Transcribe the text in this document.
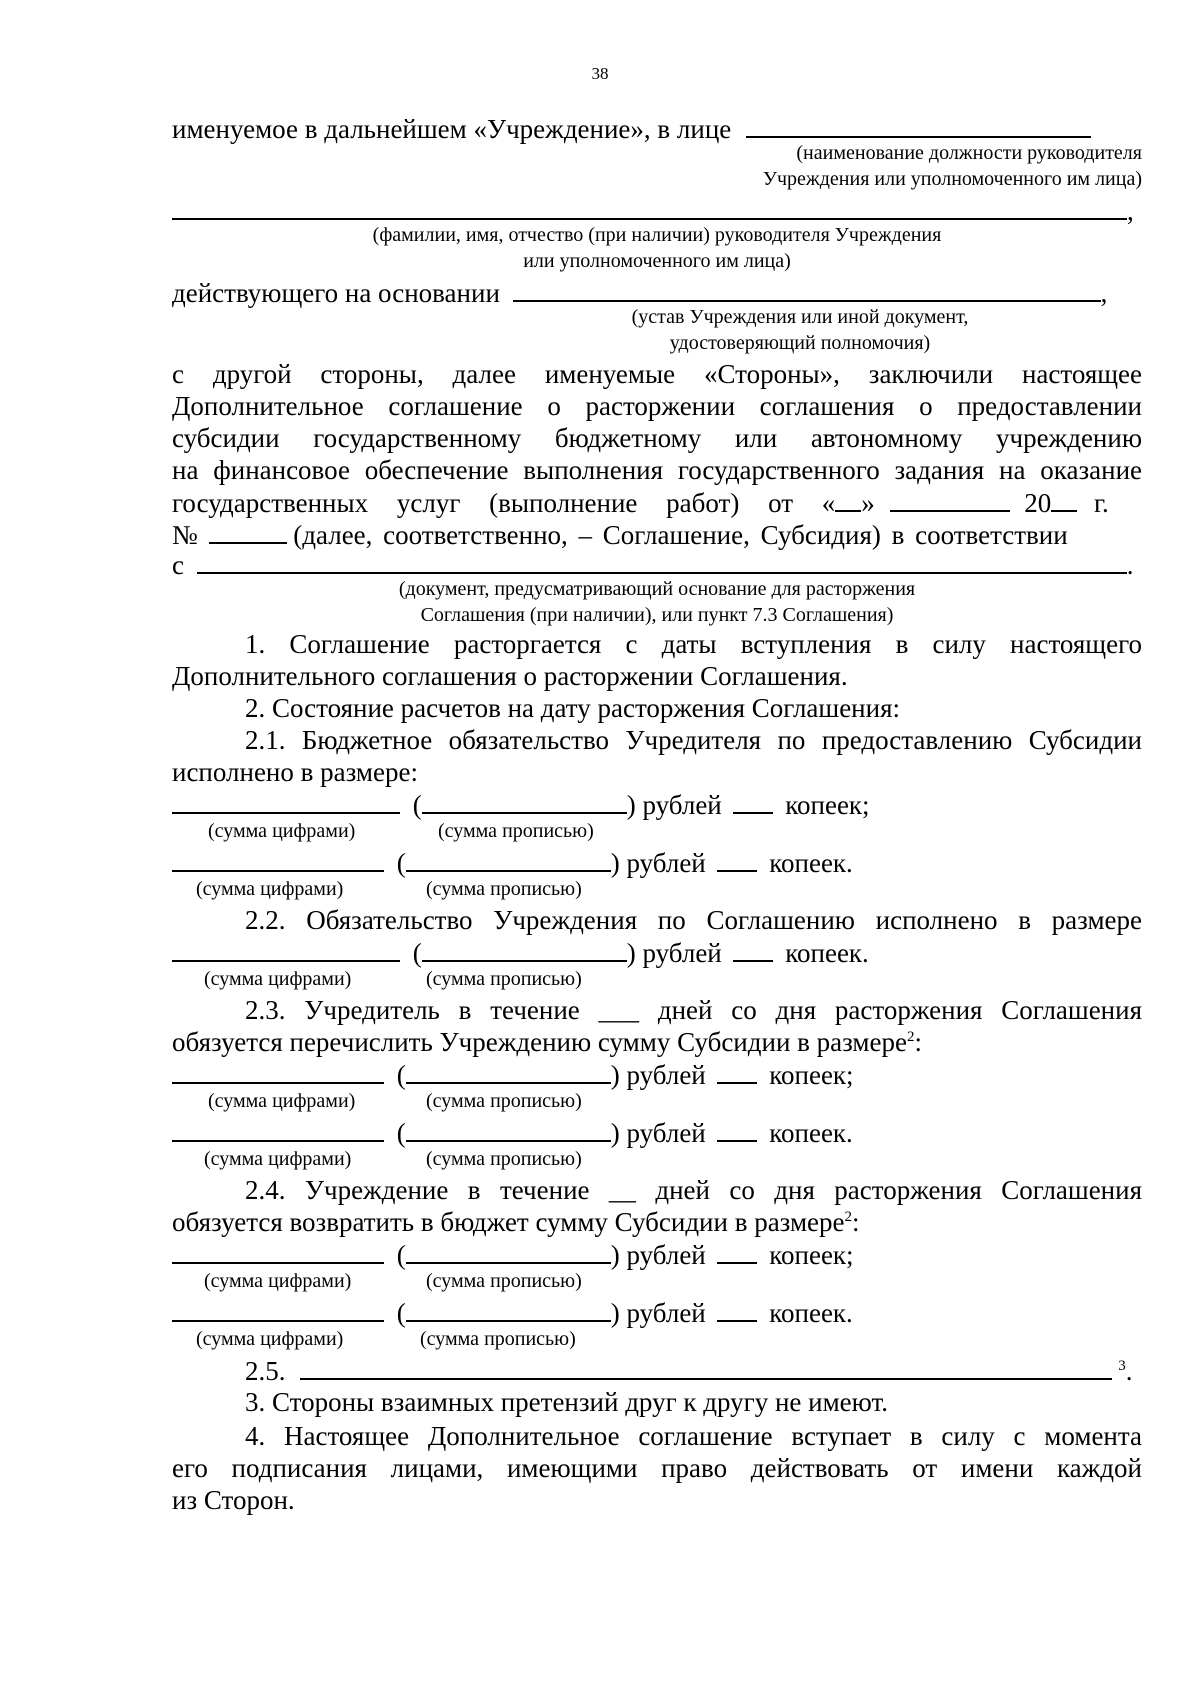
38
именуемое в дальнейшем «Учреждение», в лице
(наименование должности руководителя
Учреждения или уполномоченного им лица)
,
(фамилии, имя, отчество (при наличии) руководителя Учреждения
или уполномоченного им лица)
действующего на основании	,
(устав Учреждения или иной документ,
удостоверяющий полномочия)
с другой стороны, далее именуемые «Стороны», заключили настоящее
Дополнительное соглашение о расторжении соглашения о предоставлении
субсидии государственному бюджетному или автономному учреждению
на финансовое обеспечение выполнения государственного задания на оказание
государственных услуг (выполнение работ) от « »	20 г.
№	(далее, соответственно, – Соглашение, Субсидия) в соответствии
с	.
(документ, предусматривающий основание для расторжения
Соглашения (при наличии), или пункт 7.3 Соглашения)
1. Соглашение расторгается с даты вступления в силу настоящего
Дополнительного соглашения о расторжении Соглашения.
2. Состояние расчетов на дату расторжения Соглашения:
2.1. Бюджетное обязательство Учредителя по предоставлению Субсидии
исполнено в размере:
(	) рублей копеек;
(сумма цифрами)	(сумма прописью)
(	) рублей копеек.
(сумма цифрами)	(сумма прописью)
2.2. Обязательство Учреждения по Соглашению исполнено в размере
(	) рублей копеек.
(сумма цифрами)	(сумма прописью)
2.3. Учредитель в течение ___ дней со дня расторжения Соглашения
обязуется перечислить Учреждению сумму Субсидии в размере$^2$:
(	) рублей копеек;
(сумма цифрами)	(сумма прописью)
(	) рублей копеек.
(сумма цифрами)	(сумма прописью)
2.4. Учреждение в течение __ дней со дня расторжения Соглашения
обязуется возвратить в бюджет сумму Субсидии в размере$^2$:
(	) рублей копеек;
(сумма цифрами)	(сумма прописью)
(	) рублей копеек.
(сумма цифрами)	(сумма прописью)
2.5.	$^3$.
3. Стороны взаимных претензий друг к другу не имеют.
4. Настоящее Дополнительное соглашение вступает в силу с момента
его подписания лицами, имеющими право действовать от имени каждой
из Сторон.
